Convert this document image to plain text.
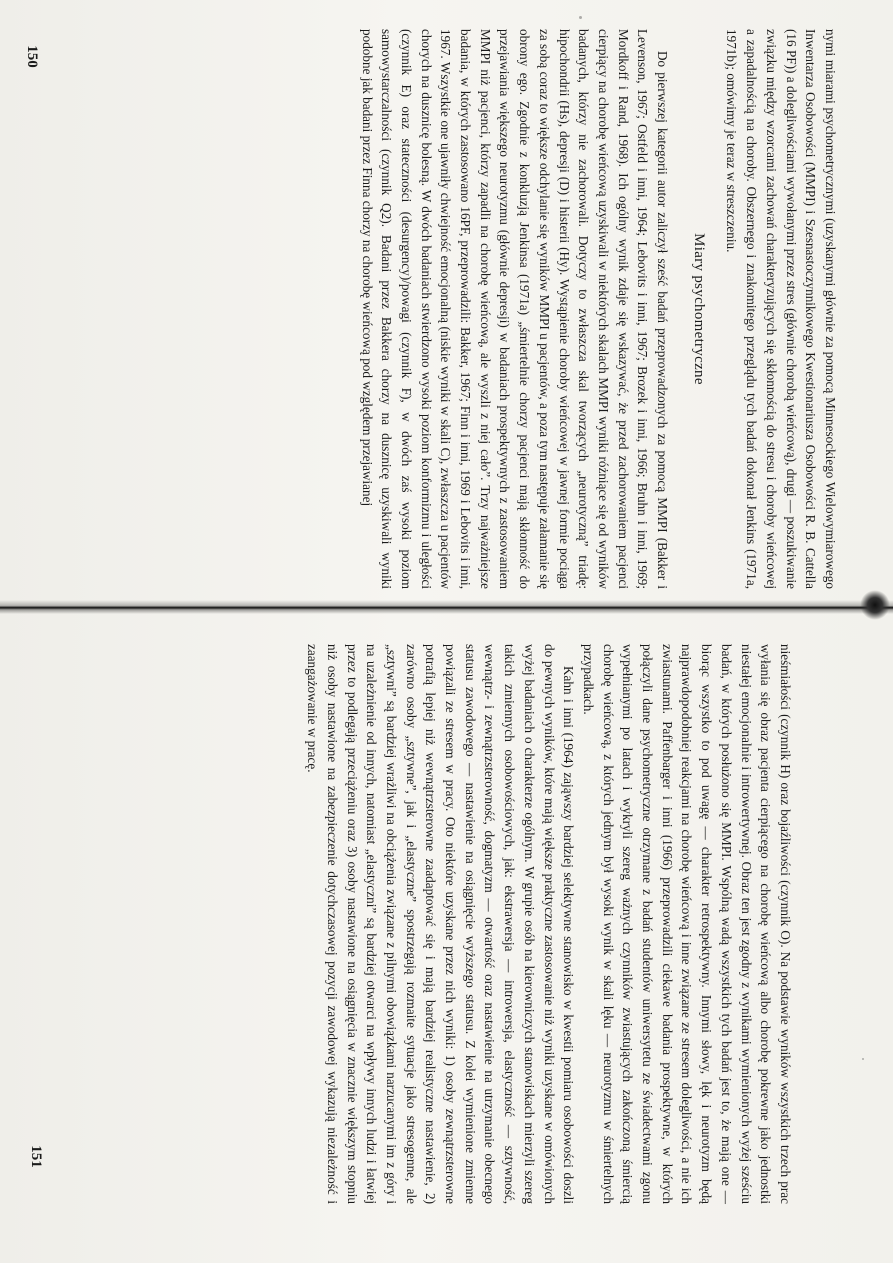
150
151

nymi miarami psychometrycznymi (uzyskanymi głównie za pomocą Minnesockiego Wielowymiarowego Inwentarza Osobowości (MMPI) i Szesnastoczynnikowego Kwestionariusza Osobowości R. B. Cattella (16 PF)) a dolegliwościami wywołanymi przez stres (głównie chorobą wieńcową), drugi — poszukiwanie związku między wzorcami zachowań charakteryzujących się skłonnością do stresu i choroby wieńcowej a zapadalnością na choroby. Obszernego i znakomitego przeglądu tych badań dokonał Jenkins (1971a, 1971b); omówimy je teraz w streszczeniu.

Miary psychometryczne

Do pierwszej kategorii autor zaliczył sześć badań przeprowadzonych za pomocą MMPI (Bakker i Levenson, 1967; Ostfeld i inni, 1964; Lebovits i inni, 1967; Brozek i inni, 1966; Bruhn i inni, 1969; Mordkoff i Rand, 1968). Ich ogólny wynik zdaje się wskazywać, że przed zachorowaniem pacjenci cierpiący na chorobę wieńcową uzyskiwali w niektórych skalach MMPI wyniki różniące się od wyników badanych, którzy nie zachorowali. Dotyczy to zwłaszcza skal tworzących „neurotyczną” triadę: hipochondrii (Hs), depresji (D) i histerii (Hy). Wystąpienie choroby wieńcowej w jawnej formie pociąga za sobą coraz to większe odchylanie się wyników MMPI u pacjentów, a poza tym następuje załamanie się obrony ego. Zgodnie z konkluzją Jenkinsa (1971a) „śmiertelnie chorzy pacjenci mają skłonność do przejawiania większego neurotyzmu (głównie depresji) w badaniach prospektywnych z zastosowaniem MMPI niż pacjenci, którzy zapadli na chorobę wieńcową, ale wyszli z niej cało”. Trzy najważniejsze badania, w których zastosowano 16PF, przeprowadzili: Bakker, 1967; Finn i inni, 1969 i Lebovits i inni, 1967. Wszystkie one ujawniły chwiejność emocjonalną (niskie wyniki w skali C), zwłaszcza u pacjentów chorych na dusznicę bolesną. W dwóch badaniach stwierdzono wysoki poziom konformizmu i uległości (czynnik E) oraz stateczności (desurgency)/powagi (czynnik F), w dwóch zaś wysoki poziom samowystarczalności (czynnik Q2). Badani przez Bakkera chorzy na dusznicę uzyskiwali wyniki podobne jak badani przez Finna chorzy na chorobę wieńcową pod względem przejawianej

nieśmiałości (czynnik H) oraz bojaźliwości (czynnik O). Na podstawie wyników wszystkich trzech prac wyłania się obraz pacjenta cierpiącego na chorobę wieńcową albo chorobę pokrewne jako jednostki niestałej emocjonalnie i introwertywnej. Obraz ten jest zgodny z wynikami wymienionych wyżej sześciu badań, w których posłużono się MMPI. Wspólną wadą wszystkich tych badań jest to, że mają one — biorąc wszystko to pod uwagę — charakter retrospektywny. Innymi słowy, lęk i neurotyzm będą najprawdopodobniej reakcjami na chorobę wieńcową i inne związane ze stresem dolegliwości, a nie ich zwiastunami. Paffenbarger i inni (1966) przeprowadzili ciekawe badania prospektywne, w których połączyli dane psychometryczne otrzymane z badań studentów uniwersytetu ze świadectwami zgonu wypełnianymi po latach i wykryli szereg ważnych czynników zwiastujących zakończoną śmiercią chorobę wieńcową, z których jednym był wysoki wynik w skali lęku — neurotyzmu w śmiertelnych przypadkach.

Kahn i inni (1964) zająwszy bardziej selektywne stanowisko w kwestii pomiaru osobowości doszli do pewnych wyników, które mają większe praktyczne zastosowanie niż wyniki uzyskane w omówionych wyżej badaniach o charakterze ogólnym. W grupie osób na kierowniczych stanowiskach mierzyli szereg takich zmiennych osobowościowych, jak: ekstrawersja — introwersja, elastyczność — sztywność, wewnątrz- i zewnątrzsterowność, dogmatyzm — otwartość oraz nastawienie na utrzymanie obecnego statusu zawodowego — nastawienie na osiągnięcie wyższego statusu. Z kolei wymienione zmienne powiązali ze stresem w pracy. Oto niektóre uzyskane przez nich wyniki: 1) osoby zewnątrzsterowne potrafią lepiej niż wewnątrzsterowne zaadaptować się i mają bardziej realistyczne nastawienie, 2) zarówno osoby „sztywne”, jak i „elastyczne” spostrzegają rozmaite sytuacje jako stresogenne, ale „sztywni” są bardziej wrażliwi na obciążenia związane z pilnymi obowiązkami narzucanymi im z góry i na uzależnienie od innych, natomiast „elastyczni” są bardziej otwarci na wpływy innych ludzi i łatwiej przez to podlegają przeciążeniu oraz 3) osoby nastawione na osiągnięcia w znacznie większym stopniu niż osoby nastawione na zabezpieczenie dotychczasowej pozycji zawodowej wykazują niezależność i zaangażowanie w pracę.
